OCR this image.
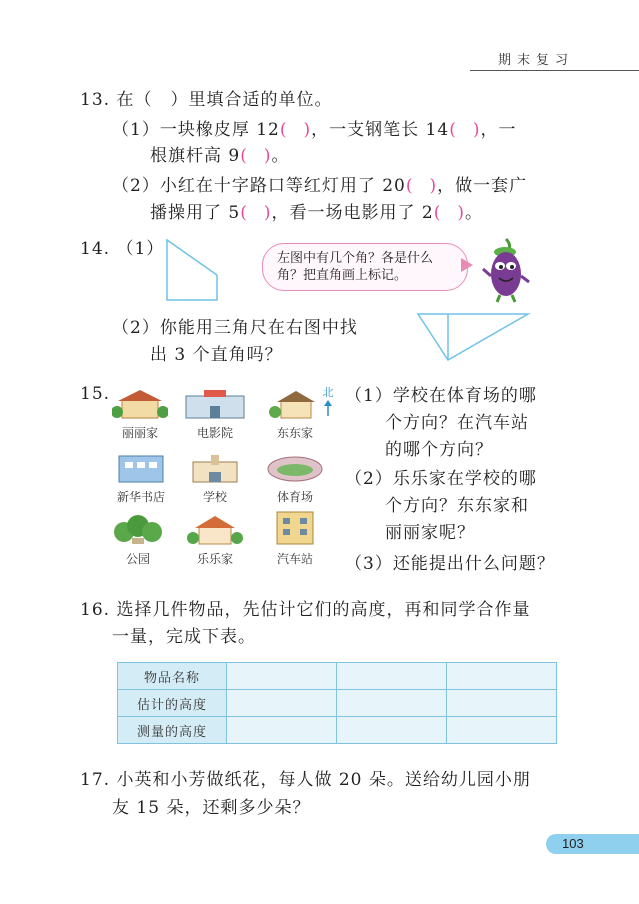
期末复习
13. 在（　）里填合适的单位。
（1）一块橡皮厚 12( )，一支钢笔长 14( )，一
根旗杆高 9( )。
（2）小红在十字路口等红灯用了 20( )，做一套广
播操用了 5( )，看一场电影用了 2( )。
14. （1）	左图中有几个角？各是什么
角？把直角画上标记。
（2）你能用三角尺在右图中找
出 3 个直角吗？
15.
丽丽家	电影院	东东家
北
新华书店	学校	体育场
公园	乐乐家	汽车站
（1）学校在体育场的哪
个方向？在汽车站
的哪个方向？
（2）乐乐家在学校的哪
个方向？东东家和
丽丽家呢？
（3）还能提出什么问题？
16. 选择几件物品，先估计它们的高度，再和同学合作量
一量，完成下表。
物品名称			
估计的高度			
测量的高度			
17. 小英和小芳做纸花，每人做 20 朵。送给幼儿园小朋
友 15 朵，还剩多少朵？
103
